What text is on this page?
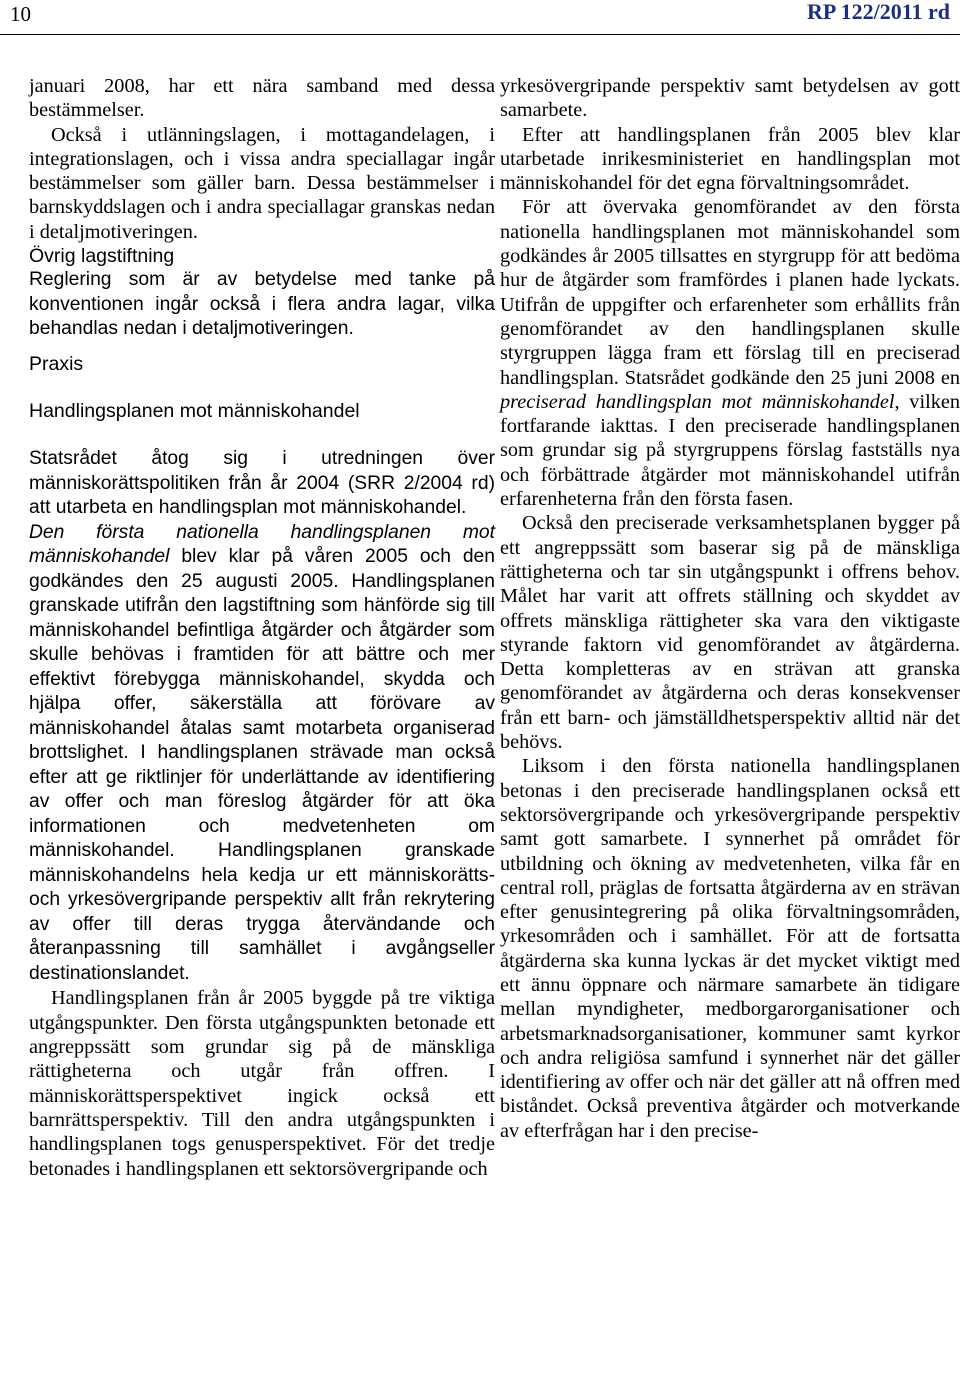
10	RP 122/2011 rd

januari 2008, har ett nära samband med dessa bestämmelser.

Också i utlänningslagen, i mottagandelagen, i integrationslagen, och i vissa andra speciallagar ingår bestämmelser som gäller barn. Dessa bestämmelser i barnskyddslagen och i andra speciallagar granskas nedan i detaljmotiveringen.

Övrig lagstiftning

Reglering som är av betydelse med tanke på konventionen ingår också i flera andra lagar, vilka behandlas nedan i detaljmotiveringen.

Praxis

Handlingsplanen mot människohandel

Statsrådet åtog sig i utredningen över människorättspolitiken från år 2004 (SRR 2/2004 rd) att utarbeta en handlingsplan mot människohandel.

Den första nationella handlingsplanen mot människohandel blev klar på våren 2005 och den godkändes den 25 augusti 2005. Handlingsplanen granskade utifrån den lagstiftning som hänförde sig till människohandel befintliga åtgärder och åtgärder som skulle behövas i framtiden för att bättre och mer effektivt förebygga människohandel, skydda och hjälpa offer, säkerställa att förövare av människohandel åtalas samt motarbeta organiserad brottslighet. I handlingsplanen strävade man också efter att ge riktlinjer för underlättande av identifiering av offer och man föreslog åtgärder för att öka informationen och medvetenheten om människohandel. Handlingsplanen granskade människohandelns hela kedja ur ett människorätts- och yrkesövergripande perspektiv allt från rekrytering av offer till deras trygga återvändande och återanpassning till samhället i avgångseller destinationslandet.

Handlingsplanen från år 2005 byggde på tre viktiga utgångspunkter. Den första utgångspunkten betonade ett angreppssätt som grundar sig på de mänskliga rättigheterna och utgår från offren. I människorättsperspektivet ingick också ett barnrättsperspektiv. Till den andra utgångspunkten i handlingsplanen togs genusperspektivet. För det tredje betonades i handlingsplanen ett sektorsövergripande och

yrkesövergripande perspektiv samt betydelsen av gott samarbete.

Efter att handlingsplanen från 2005 blev klar utarbetade inrikesministeriet en handlingsplan mot människohandel för det egna förvaltningsområdet.

För att övervaka genomförandet av den första nationella handlingsplanen mot människohandel som godkändes år 2005 tillsattes en styrgrupp för att bedöma hur de åtgärder som framfördes i planen hade lyckats. Utifrån de uppgifter och erfarenheter som erhållits från genomförandet av den handlingsplanen skulle styrgruppen lägga fram ett förslag till en preciserad handlingsplan. Statsrådet godkände den 25 juni 2008 en preciserad handlingsplan mot människohandel, vilken fortfarande iakttas. I den preciserade handlingsplanen som grundar sig på styrgruppens förslag fastställs nya och förbättrade åtgärder mot människohandel utifrån erfarenheterna från den första fasen.

Också den preciserade verksamhetsplanen bygger på ett angreppssätt som baserar sig på de mänskliga rättigheterna och tar sin utgångspunkt i offrens behov. Målet har varit att offrets ställning och skyddet av offrets mänskliga rättigheter ska vara den viktigaste styrande faktorn vid genomförandet av åtgärderna. Detta kompletteras av en strävan att granska genomförandet av åtgärderna och deras konsekvenser från ett barn- och jämställdhetsperspektiv alltid när det behövs.

Liksom i den första nationella handlingsplanen betonas i den preciserade handlingsplanen också ett sektorsövergripande och yrkesövergripande perspektiv samt gott samarbete. I synnerhet på området för utbildning och ökning av medvetenheten, vilka får en central roll, präglas de fortsatta åtgärderna av en strävan efter genusintegrering på olika förvaltningsområden, yrkesområden och i samhället. För att de fortsatta åtgärderna ska kunna lyckas är det mycket viktigt med ett ännu öppnare och närmare samarbete än tidigare mellan myndigheter, medborgarorganisationer och arbetsmarknadsorganisationer, kommuner samt kyrkor och andra religiösa samfund i synnerhet när det gäller identifiering av offer och när det gäller att nå offren med biståndet. Också preventiva åtgärder och motverkande av efterfrågan har i den precise-
